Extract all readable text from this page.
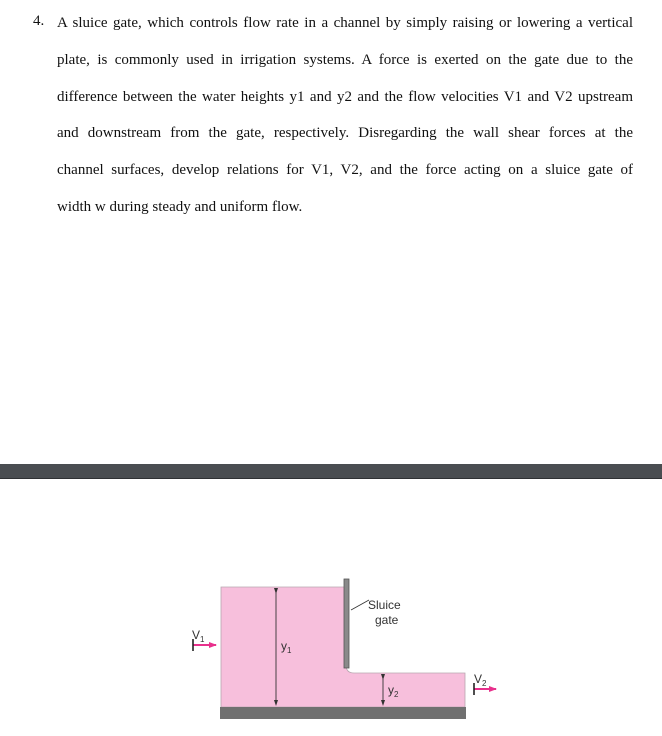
4. A sluice gate, which controls flow rate in a channel by simply raising or lowering a vertical
plate, is commonly used in irrigation systems. A force is exerted on the gate due to the
difference between the water heights y1 and y2 and the flow velocities V1 and V2 upstream
and downstream from the gate, respectively. Disregarding the wall shear forces at the
channel surfaces, develop relations for V1, V2, and the force acting on a sluice gate of
width w during steady and uniform flow.
$y_1$
$y_2$
Sluice
gate
$V_1$
$V_2$
